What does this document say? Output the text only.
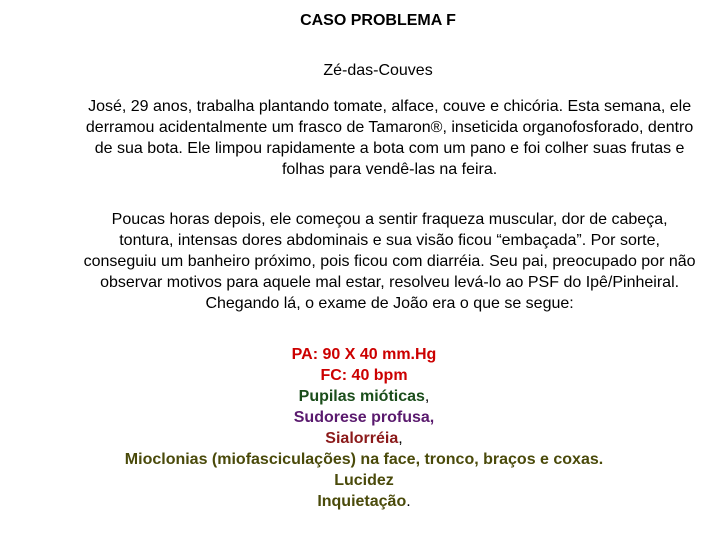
CASO PROBLEMA F

Zé-das-Couves

José, 29 anos, trabalha plantando tomate, alface, couve e chicória. Esta semana, ele derramou acidentalmente um frasco de Tamaron®, inseticida organofosforado, dentro de sua bota. Ele limpou rapidamente a bota com um pano e foi colher suas frutas e folhas para vendê-las na feira.

Poucas horas depois, ele começou a sentir fraqueza muscular, dor de cabeça, tontura, intensas dores abdominais e sua visão ficou “embaçada”. Por sorte, conseguiu um banheiro próximo, pois ficou com diarréia. Seu pai, preocupado por não observar motivos para aquele mal estar, resolveu levá-lo ao PSF do Ipê/Pinheiral. Chegando lá, o exame de João era o que se segue:

PA: 90 X 40 mm.Hg
FC: 40 bpm
Pupilas mióticas,
Sudorese profusa,
Sialorréia,
Mioclonias (miofasciculações) na face, tronco, braços e coxas.
Lucidez
Inquietação.
